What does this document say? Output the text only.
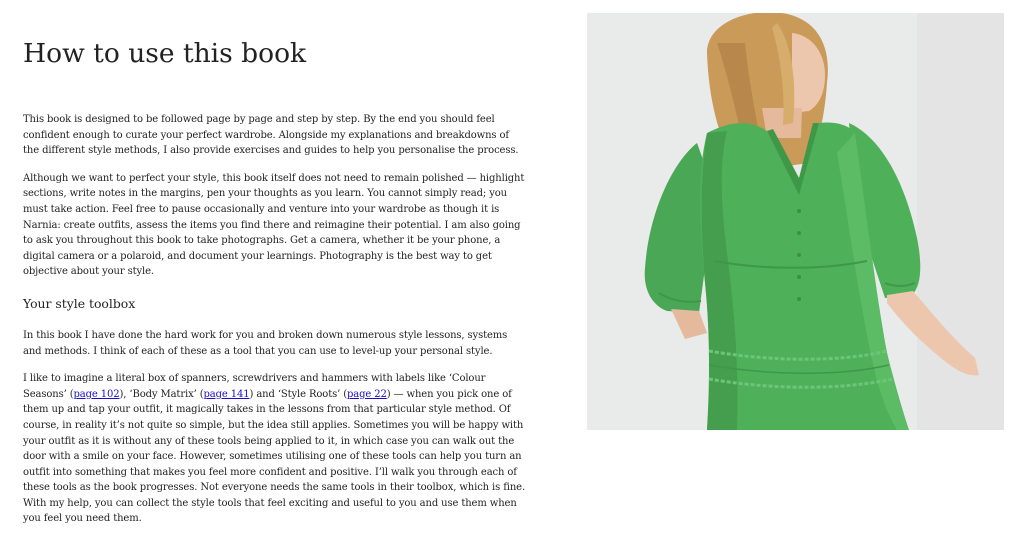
How to use this book

This book is designed to be followed page by page and step by step. By the end you should feel confident enough to curate your perfect wardrobe. Alongside my explanations and breakdowns of the different style methods, I also provide exercises and guides to help you personalise the process.

Although we want to perfect your style, this book itself does not need to remain polished — highlight sections, write notes in the margins, pen your thoughts as you learn. You cannot simply read; you must take action. Feel free to pause occasionally and venture into your wardrobe as though it is Narnia: create outfits, assess the items you find there and reimagine their potential. I am also going to ask you throughout this book to take photographs. Get a camera, whether it be your phone, a digital camera or a polaroid, and document your learnings. Photography is the best way to get objective about your style.

Your style toolbox

In this book I have done the hard work for you and broken down numerous style lessons, systems and methods. I think of each of these as a tool that you can use to level-up your personal style.

I like to imagine a literal box of spanners, screwdrivers and hammers with labels like ‘Colour Seasons’ (page 102), ‘Body Matrix’ (page 141) and ‘Style Roots’ (page 22) — when you pick one of them up and tap your outfit, it magically takes in the lessons from that particular style method. Of course, in reality it’s not quite so simple, but the idea still applies. Sometimes you will be happy with your outfit as it is without any of these tools being applied to it, in which case you can walk out the door with a smile on your face. However, sometimes utilising one of these tools can help you turn an outfit into something that makes you feel more confident and positive. I’ll walk you through each of these tools as the book progresses. Not everyone needs the same tools in their toolbox, which is fine. With my help, you can collect the style tools that feel exciting and useful to you and use them when you feel you need them.
